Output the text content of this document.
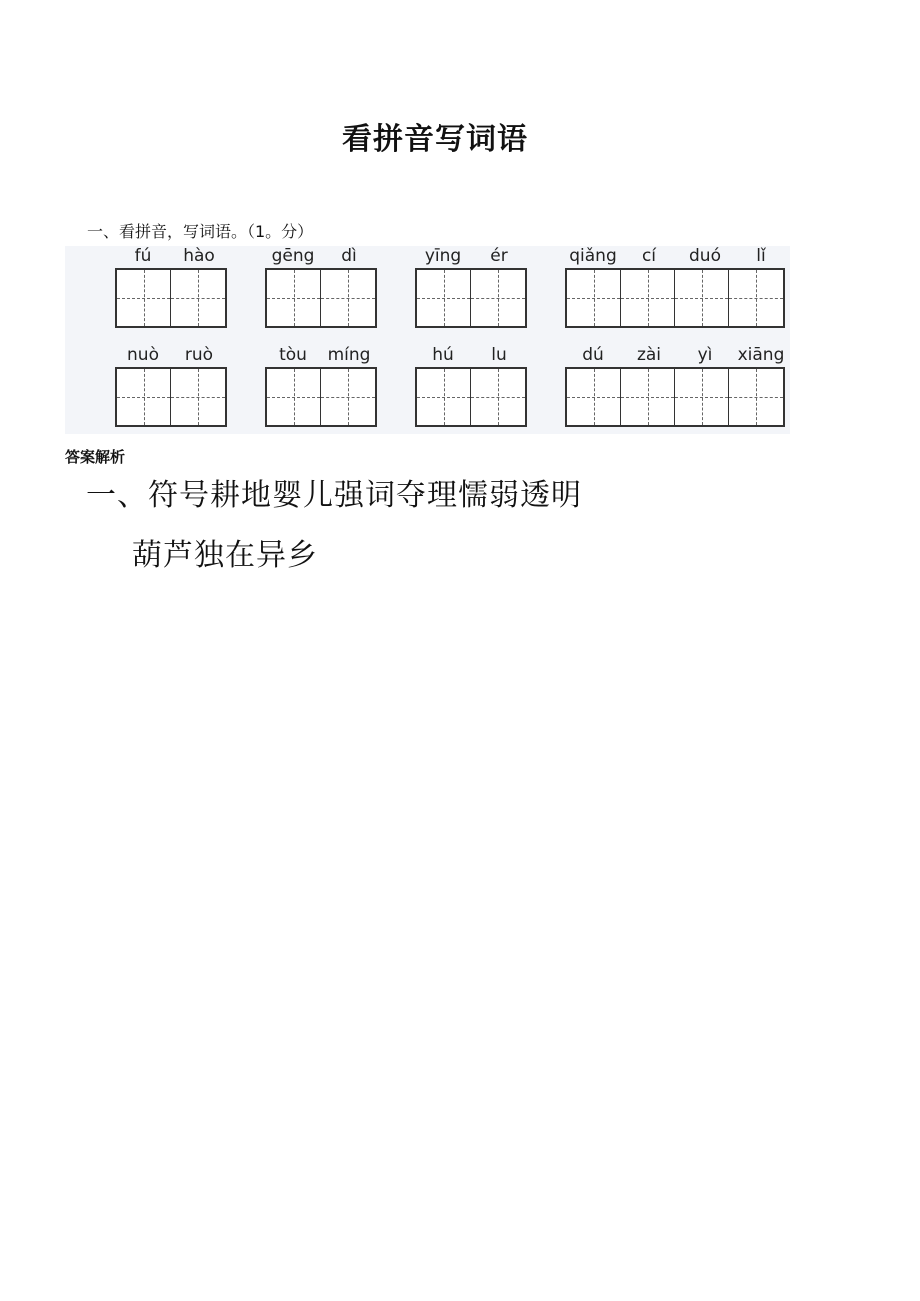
看拼音写词语
一、看拼音，写词语。（1。分）
fú	hào	gēng	dì	yīng	ér	qiǎng	cí	duó	lǐ
nuò	ruò	tòu	míng	hú	lu	dú	zài	yì	xiāng
答案解析
一、符号耕地婴儿强词夺理懦弱透明
葫芦独在异乡
